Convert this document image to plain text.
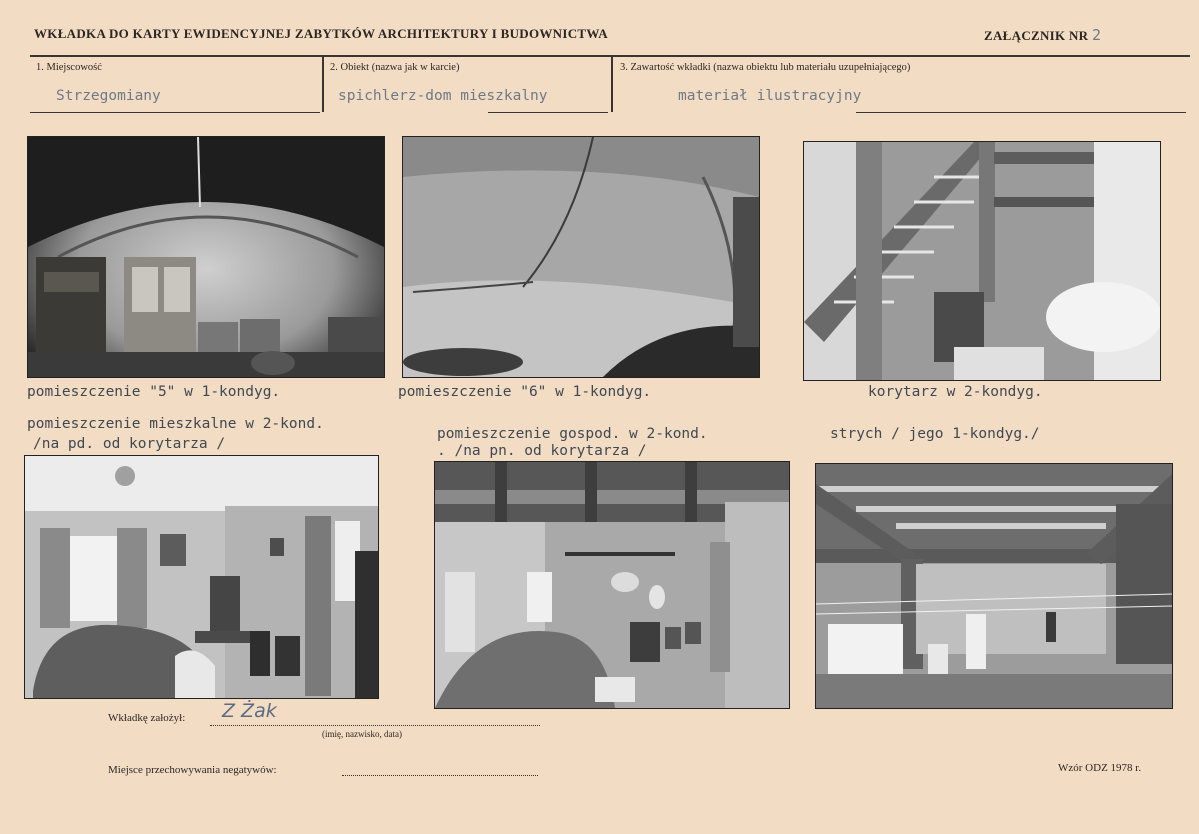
WKŁADKA DO KARTY EWIDENCYJNEJ ZABYTKÓW ARCHITEKTURY I BUDOWNICTWA	ZAŁĄCZNIK NR 2
1. Miejscowość
Strzegomiany
2. Obiekt (nazwa jak w karcie)
spichlerz-dom mieszkalny
3. Zawartość wkładki (nazwa obiektu lub materiału uzupełniającego)
materiał ilustracyjny
pomieszczenie "5" w 1-kondyg.	pomieszczenie "6" w 1-kondyg.	korytarz w 2-kondyg.
pomieszczenie mieszkalne w 2-kond.
/na pd. od korytarza /
pomieszczenie gospod. w 2-kond.
. /na pn. od korytarza /
strych / jego 1-kondyg./
Wkładkę założył: Z Żak
(imię, nazwisko, data)
Miejsce przechowywania negatywów:	Wzór ODZ 1978 r.
